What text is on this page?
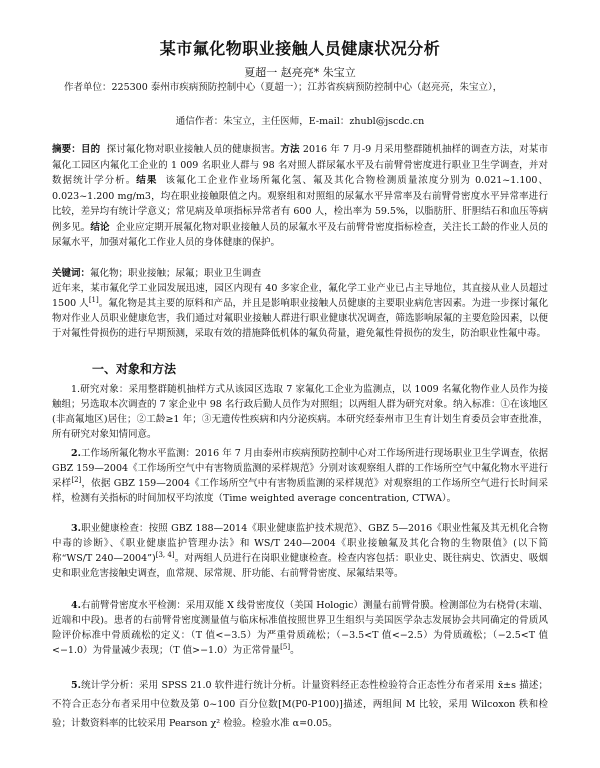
某市氟化物职业接触人员健康状况分析
夏超一 赵亮亮* 朱宝立
作者单位：225300 泰州市疾病预防控制中心（夏超一）；江苏省疾病预防控制中心（赵亮亮，朱宝立），
通信作者：朱宝立，主任医师，E-mail：zhubl@jscdc.cn
摘要：目的 探讨氟化物对职业接触人员的健康损害。方法 2016 年 7 月-9 月采用整群随机抽样的调查方法，对某市氟化工园区内氟化工企业的 1 009 名职业人群与 98 名对照人群尿氟水平及右前臂骨密度进行职业卫生学调查，并对数据统计学分析。结果 该氟化工企业作业场所氟化氢、氟及其化合物检测质量浓度分别为 0.021~1.100、0.023~1.200 mg/m3，均在职业接触限值之内。观察组和对照组的尿氟水平异常率及右前臂骨密度水平异常率进行比较，差异均有统计学意义；常见病及单项指标异常者有 600 人，检出率为 59.5%，以脂肪肝、肝胆结石和血压等病例多见。结论 企业应定期开展氟化物对职业接触人员的尿氟水平及右前臂骨密度指标检查，关注长工龄的作业人员的尿氟水平，加强对氟化工作业人员的身体健康的保护。
关键词：氟化物；职业接触；尿氟；职业卫生调查
近年来，某市氟化学工业园发展迅速，园区内现有 40 多家企业，氟化学工业产业已占主导地位，其直接从业人员超过 1500 人[1]。氟化物是其主要的原料和产品，并且是影响职业接触人员健康的主要职业病危害因素。为进一步探讨氟化物对作业人员职业健康危害，我们通过对氟职业接触人群进行职业健康状况调查，筛选影响尿氟的主要危险因素，以便于对氟性骨损伤的进行早期预测，采取有效的措施降低机体的氟负荷量，避免氟性骨损伤的发生，防治职业性氟中毒。
一、对象和方法
1.研究对象：采用整群随机抽样方式从该园区选取 7 家氟化工企业为监测点，以 1009 名氟化物作业人员作为接触组；另选取本次调查的 7 家企业中 98 名行政后勤人员作为对照组；以两组人群为研究对象。纳入标准：①在该地区(非高氟地区)居住；②工龄≥1 年；③无遗传性疾病和内分泌疾病。本研究经泰州市卫生育计划生育委员会审查批准，所有研究对象知情同意。
2.工作场所氟化物水平监测：2016 年 7 月由泰州市疾病预防控制中心对工作场所进行现场职业卫生学调查，依据 GBZ 159—2004《工作场所空气中有害物质监测的采样规范》分别对该观察组人群的工作场所空气中氟化物水平进行采样[2]，依据 GBZ 159—2004《工作场所空气中有害物质监测的采样规范》对观察组的工作场所空气进行长时间采样，检测有关指标的时间加权平均浓度（Time weighted average concentration, CTWA）。
3.职业健康检查：按照 GBZ 188—2014《职业健康监护技术规范》、GBZ 5—2016《职业性氟及其无机化合物中毒的诊断》、《职业健康监护管理办法》和 WS/T 240—2004《职业接触氟及其化合物的生物限值》(以下简称“WS/T 240—2004”)[3, 4]。对两组人员进行在岗职业健康检查。检查内容包括：职业史、既往病史、饮酒史、吸烟史和职业危害接触史调查，血常规、尿常规、肝功能、右前臂骨密度、尿氟结果等。
4.右前臂骨密度水平检测：采用双能 X 线骨密度仪（美国 Hologic）测量右前臂骨膜。检测部位为右桡骨(末端、近端和中段)。患者的右前臂骨密度测量值与临床标准值按照世界卫生组织与美国医学杂志发展协会共同确定的骨质风险评价标准中骨质疏松的定义：（T 值<−3.5）为严重骨质疏松；（−3.5<T 值<−2.5）为骨质疏松；（−2.5<T 值<−1.0）为骨量减少表现；（T 值>−1.0）为正常骨量[5]。
5.统计学分析：采用 SPSS 21.0 软件进行统计分析。计量资料经正态性检验符合正态性分布者采用 x̄±s 描述；不符合正态分布者采用中位数及第 0~100 百分位数[M(P0-P100)]描述，两组间 M 比较，采用 Wilcoxon 秩和检验；计数资料率的比较采用 Pearson χ² 检验。检验水准 α=0.05。
